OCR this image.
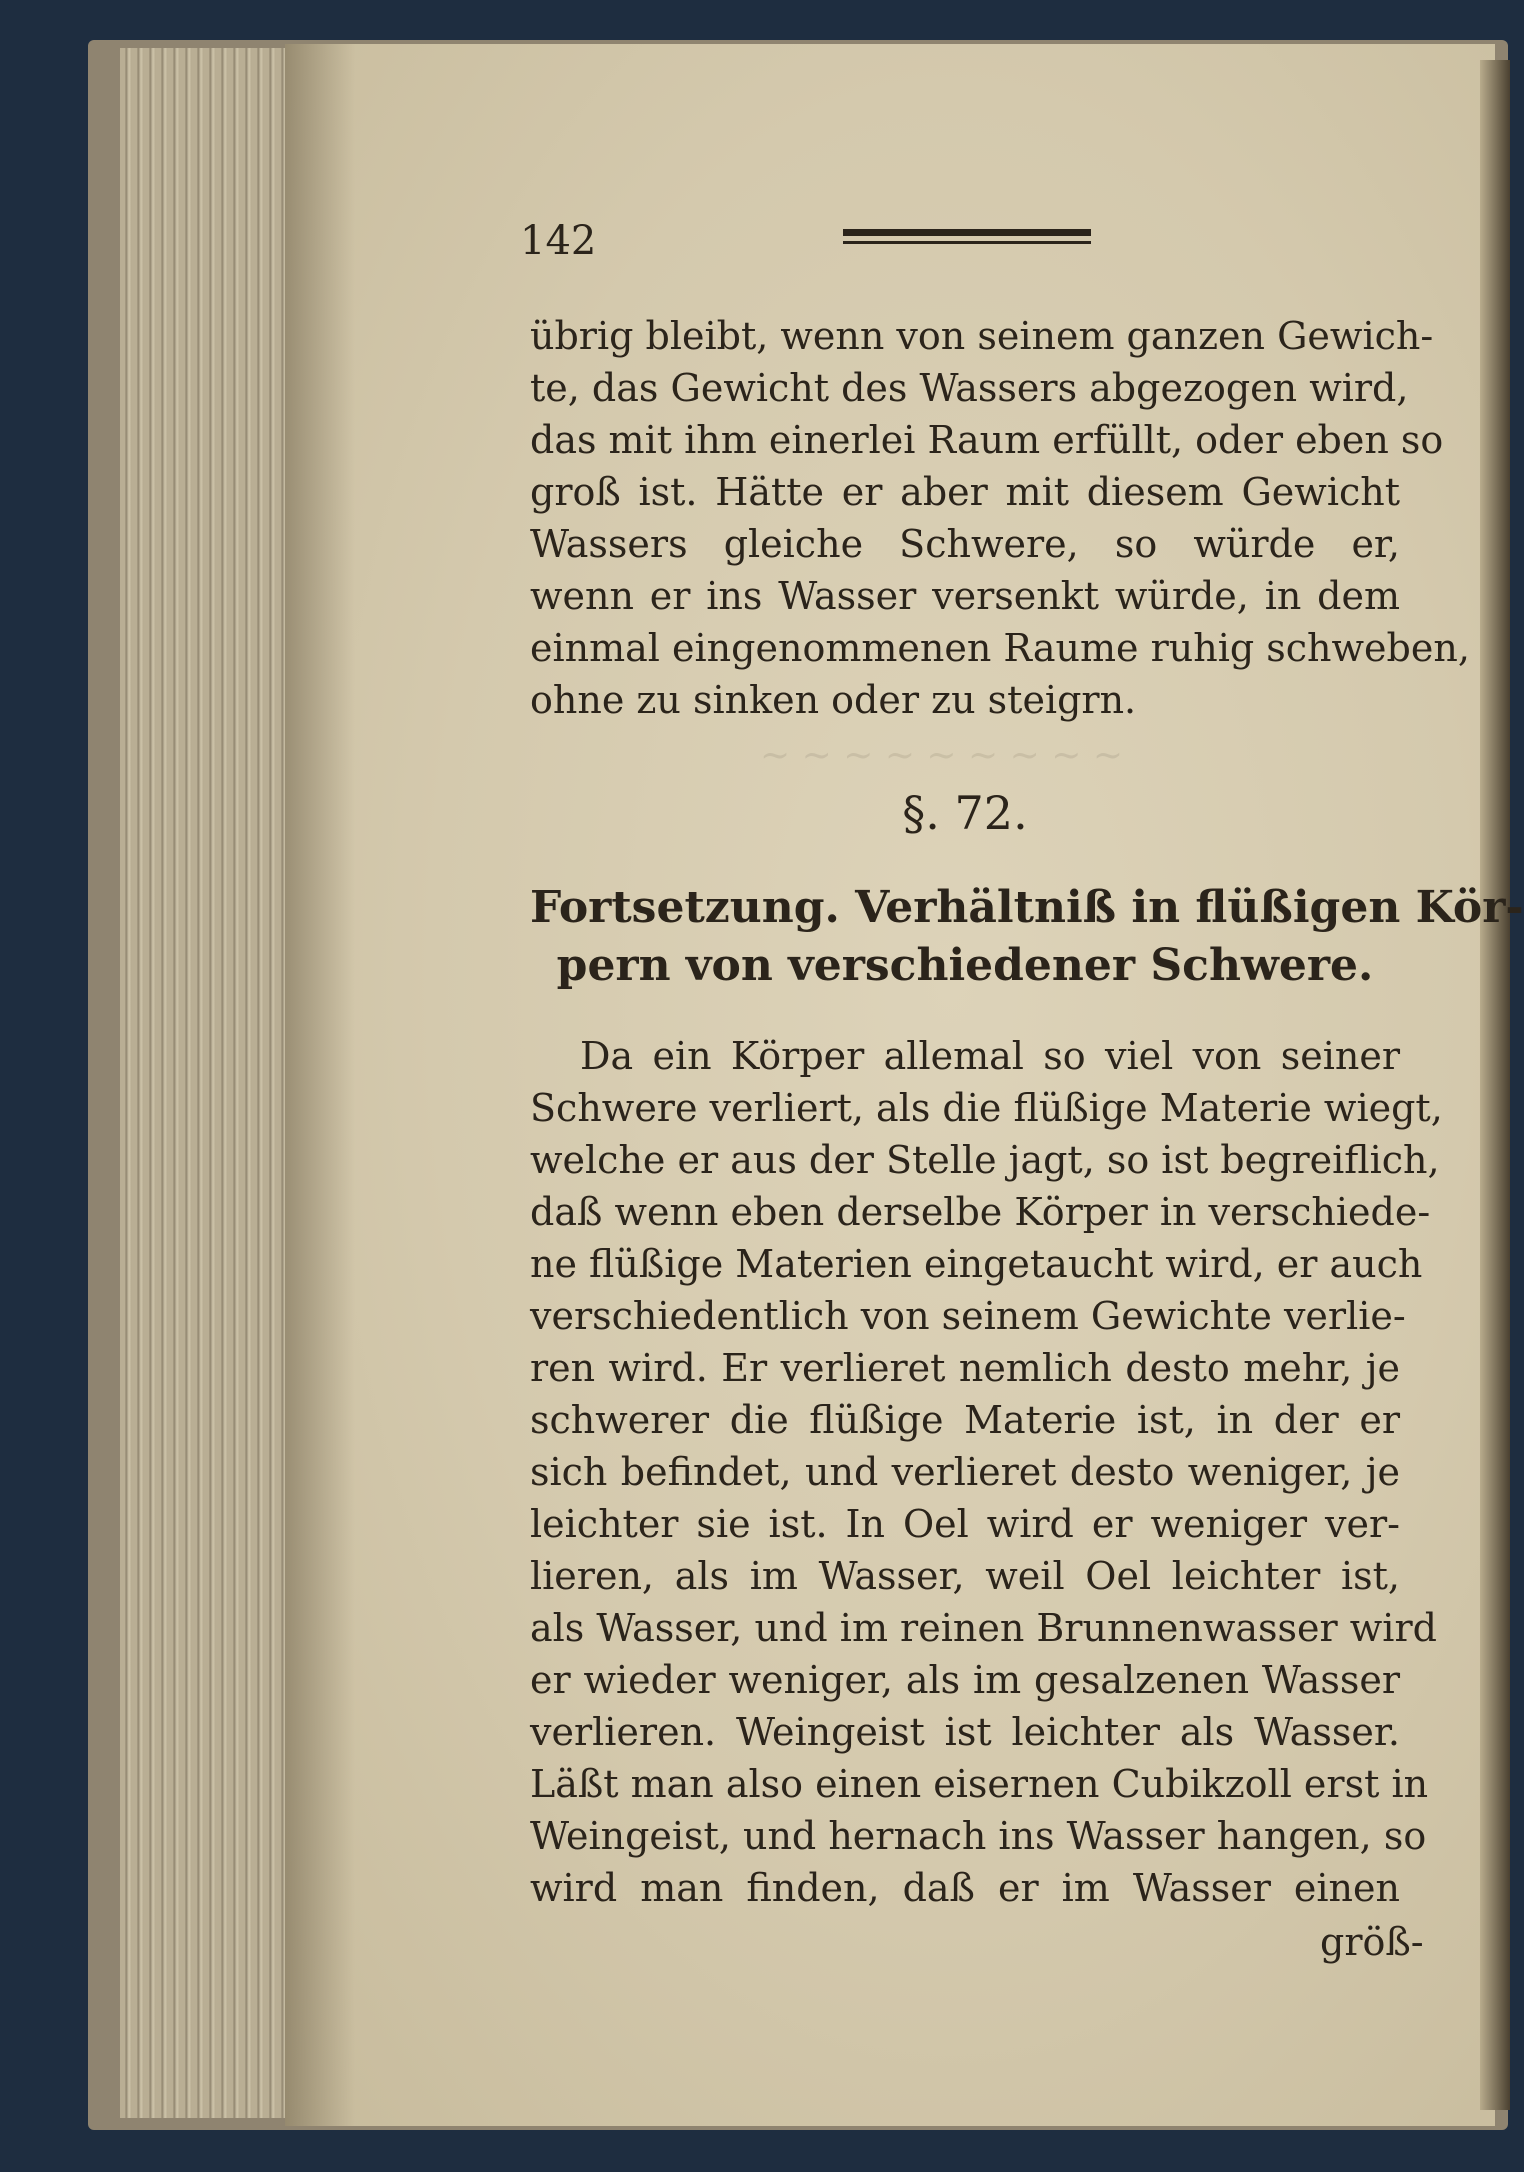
~ ~ ~ ~ ~ ~ ~ ~ ~
142
übrig bleibt, wenn von seinem ganzen Gewich-
te, das Gewicht des Wassers abgezogen wird,
das mit ihm einerlei Raum erfüllt, oder eben so
groß ist. Hätte er aber mit diesem Gewicht
Wassers gleiche Schwere, so würde er,
wenn er ins Wasser versenkt würde, in dem
einmal eingenommenen Raume ruhig schweben,
ohne zu sinken oder zu steigrn.
§. 72.
Fortsetzung. Verhältniß in flüßigen Kör-
pern von verschiedener Schwere.
Da ein Körper allemal so viel von seiner
Schwere verliert, als die flüßige Materie wiegt,
welche er aus der Stelle jagt, so ist begreiflich,
daß wenn eben derselbe Körper in verschiede-
ne flüßige Materien eingetaucht wird, er auch
verschiedentlich von seinem Gewichte verlie-
ren wird. Er verlieret nemlich desto mehr, je
schwerer die flüßige Materie ist, in der er
sich befindet, und verlieret desto weniger, je
leichter sie ist. In Oel wird er weniger ver-
lieren, als im Wasser, weil Oel leichter ist,
als Wasser, und im reinen Brunnenwasser wird
er wieder weniger, als im gesalzenen Wasser
verlieren. Weingeist ist leichter als Wasser.
Läßt man also einen eisernen Cubikzoll erst in
Weingeist, und hernach ins Wasser hangen, so
wird man finden, daß er im Wasser einen
größ-
